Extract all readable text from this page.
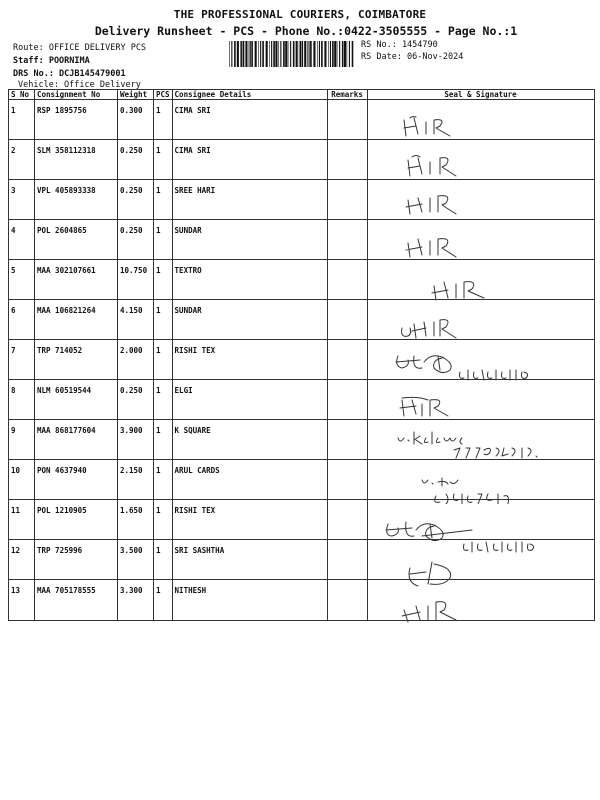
THE PROFESSIONAL COURIERS, COIMBATORE
Delivery Runsheet - PCS - Phone No.:0422-3505555 - Page No.:1
Route: OFFICE DELIVERY PCS
Staff: POORNIMA
DRS No.: DCJB145479001
Vehicle: Office Delivery
RS No.: 1454790
RS Date: 06-Nov-2024
S No	Consignment No	Weight	PCS	Consignee Details	Remarks	Seal & Signature
1	RSP 1895756	0.300	1	CIMA SRI		
2	SLM 358112318	0.250	1	CIMA SRI		
3	VPL 405893338	0.250	1	SREE HARI		
4	POL 2604865	0.250	1	SUNDAR		
5	MAA 302107661	10.750	1	TEXTRO		
6	MAA 106821264	4.150	1	SUNDAR		
7	TRP 714052	2.000	1	RISHI TEX		
8	NLM 60519544	0.250	1	ELGI		
9	MAA 868177604	3.900	1	K SQUARE		
10	PON 4637940	2.150	1	ARUL CARDS		
11	POL 1210905	1.650	1	RISHI TEX		
12	TRP 725996	3.500	1	SRI SASHTHA		
13	MAA 705178555	3.300	1	NITHESH		
